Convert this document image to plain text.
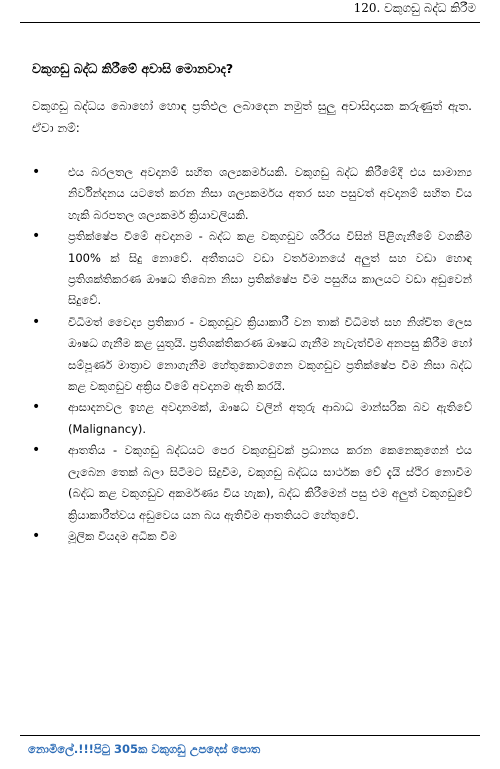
120. වකුගඩු බද්ධ කිරීම
වකුගඩු බද්ධ කිරීමේ අවාසි මොනවාද?

වකුගඩු බද්ධය බොහෝ හොඳ ප්‍රතිඵල ලබාදෙන නමුත් සුලු අවාසිදායක කරුණුත් ඇත. ඒවා නම්:

• එය බරලතල අවදානම් සහිත ශල්‍යකර්මයකි. වකුගඩු බද්ධ කිරීමේදී එය සාමාන්‍ය නිර්වින්දනය යටතේ කරන නිසා ශල්‍යකර්මය අතර සහ පසුවත් අවදානම් සහිත විය හැකි බරපතල ශල්‍යකර්ම ක්‍රියාවලියකි.
• ප්‍රතික්ෂේප වීමේ අවදානම - බද්ධ කළ වකුගඩුව ශරීරය විසින් පිළිගැනීමේ වගකීම 100% ක් සිදු නොවේ. අතීතයට වඩා වර්තමානයේ අලුත් සහ වඩා හොඳ ප්‍රතිශක්තිකරණ ඖෂධ තිබෙන නිසා ප්‍රතික්ෂේප වීම පසුගිය කාලයට වඩා අඩුවෙන් සිදුවේ.
• විධිමත් වෛද්‍ය ප්‍රතිකාර - වකුගඩුව ක්‍රියාකාරී වන තාක් විධිමත් සහ නිශ්චිත ලෙස ඖෂධ ගැනීම කළ යුතුයි. ප්‍රතිශක්තිකරණ ඖෂධ ගැනීම නැවැත්වීම අනපසු කිරීම හෝ සම්පූර්ණ මාත්‍රාව නොගැනීම හේතුකොටගෙන වකුගඩුව ප්‍රතික්ෂේප වීම නිසා බද්ධ කළ වකුගඩුව අක්‍රිය වීමේ අවදානම ඇති කරයි.
• ආසාදනවල ඉහළ අවදානමක්, ඖෂධ වලින් අතුරු ආබාධ මාන්සරික බව ඇතිවේ (Malignancy).
• ආතතිය - වකුගඩු බද්ධයට පෙර වකුගඩුවක් ප්‍රධානය කරන කෙනෙකුගෙන් එය ලැබෙන තෙක් බලා සිටීමට සිදුවීම, වකුගඩු බද්ධය සාර්ථක වේ දැයි ස්ථිර නොවීම (බද්ධ කළ වකුගඩුව අකර්මණ්‍ය විය හැක), බද්ධ කිරීමෙන් පසු එම අලුත් වකුගඩුවේ ක්‍රියාකාරීත්වය අඩුවෙය යන බය ඇතිවීම ආතතියට හේතුවේ.
• මූලික වියදම අධික වීම
නොමිලේ.!!!පිටු 305ක වකුගඩු උපදෙස් පොත
